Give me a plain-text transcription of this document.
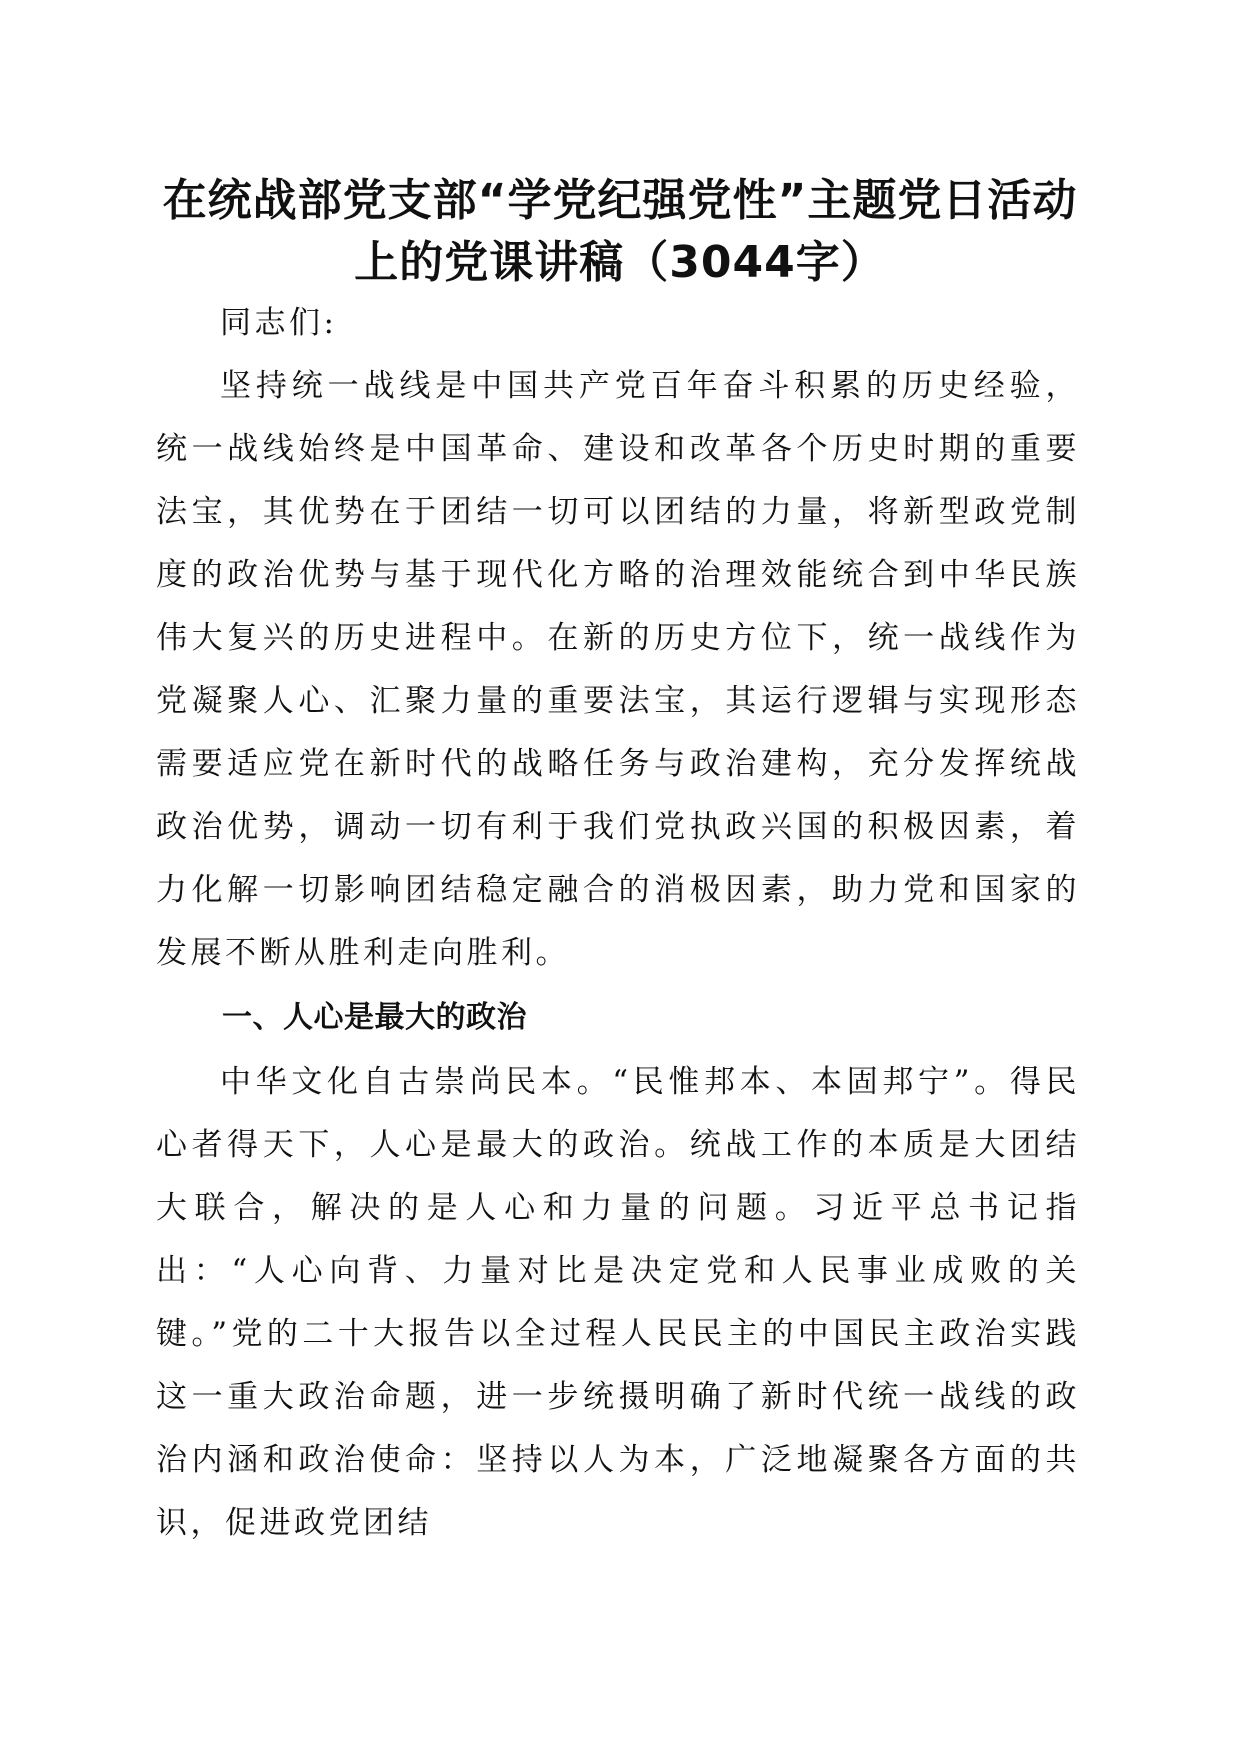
在统战部党支部“学党纪强党性”主题党日活动上的党课讲稿（3044字）

同志们:

坚持统一战线是中国共产党百年奋斗积累的历史经验，统一战线始终是中国革命、建设和改革各个历史时期的重要法宝，其优势在于团结一切可以团结的力量，将新型政党制度的政治优势与基于现代化方略的治理效能统合到中华民族伟大复兴的历史进程中。在新的历史方位下，统一战线作为党凝聚人心、汇聚力量的重要法宝，其运行逻辑与实现形态需要适应党在新时代的战略任务与政治建构，充分发挥统战政治优势，调动一切有利于我们党执政兴国的积极因素，着力化解一切影响团结稳定融合的消极因素，助力党和国家的发展不断从胜利走向胜利。

一、人心是最大的政治

中华文化自古崇尚民本。“民惟邦本、本固邦宁”。得民心者得天下，人心是最大的政治。统战工作的本质是大团结大联合，解决的是人心和力量的问题。习近平总书记指出：“人心向背、力量对比是决定党和人民事业成败的关键。”党的二十大报告以全过程人民民主的中国民主政治实践这一重大政治命题，进一步统摄明确了新时代统一战线的政治内涵和政治使命：坚持以人为本，广泛地凝聚各方面的共识，促进政党团结
